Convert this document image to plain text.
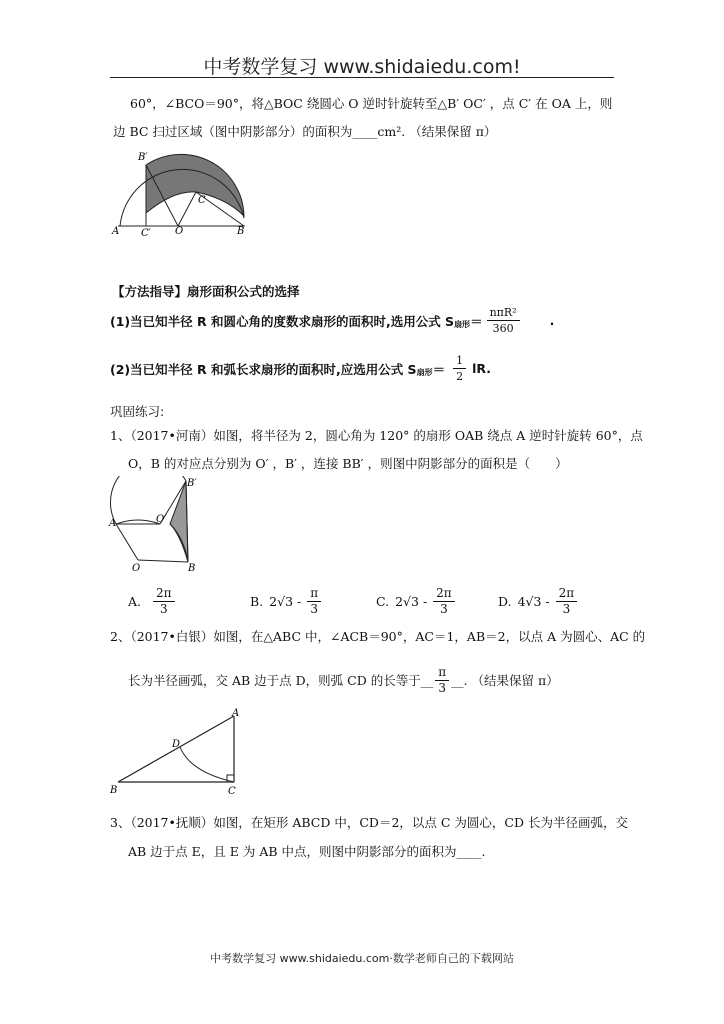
中考数学复习 www.shidaiedu.com!
60°，∠BCO＝90°，将△BOC 绕圆心 O 逆时针旋转至△B′ OC′ ，点 C′ 在 OA 上，则
边 BC 扫过区域（图中阴影部分）的面积为____cm². （结果保留 π）
B′
C
A C′ O	B
【方法指导】扇形面积公式的选择
(1)当已知半径 R 和圆心角的度数求扇形的面积时,选用公式 S 扇形 ＝ $\frac{\text{nπR²}}{360}$ .
(2)当已知半径 R 和弧长求扇形的面积时,应选用公式 S 扇形 ＝ $\frac{1}{2}$ lR.
巩固练习:
1、（2017•河南）如图，将半径为 2，圆心角为 120° 的扇形 OAB 绕点 A 逆时针旋转 60°，点
O，B 的对应点分别为 O′ ，B′ ，连接 BB′ ，则图中阴影部分的面积是（　　）
B′
A	O′
O	B
A. $\frac{2\pi}{3}$	B. $2√3 - \frac{\pi}{3}$	C. $2√3 - \frac{2\pi}{3}$	D. $4√3 - \frac{2\pi}{3}$
2、（2017•白银）如图，在△ABC 中，∠ACB＝90°，AC＝1，AB＝2，以点 A 为圆心、AC 的
长为半径画弧，交 AB 边于点 D，则弧 CD 的长等于__ $\frac{\pi}{3}$ __. （结果保留 π）
A
D
B	C
3、（2017•抚顺）如图，在矩形 ABCD 中，CD＝2，以点 C 为圆心，CD 长为半径画弧，交
AB 边于点 E，且 E 为 AB 中点，则图中阴影部分的面积为____.
中考数学复习 www.shidaiedu.com·数学老师自己的下载网站
